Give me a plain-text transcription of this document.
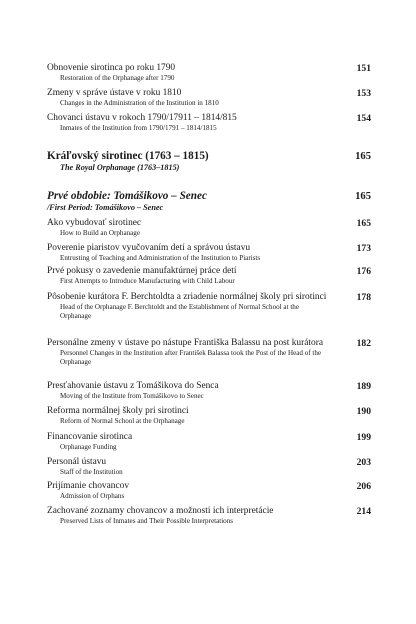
Obnovenie sirotinca po roku 1790
Restoration of the Orphanage after 1790
151
Zmeny v správe ústave v roku 1810
Changes in the Administration of the Institution in 1810
153
Chovanci ústavu v rokoch 1790/17911 – 1814/815
Inmates of the Institution from 1790/1791 – 1814/1815
154
Kráľovský sirotinec (1763 – 1815)
The Royal Orphanage (1763–1815)
165
Prvé obdobie: Tomášikovo – Senec
/First Period: Tomášikovo – Senec
165
Ako vybudovať sirotinec
How to Build an Orphanage
165
Poverenie piaristov vyučovaním detí a správou ústavu
Entrusting of Teaching and Administration of the Institution to Piarists
173
Prvé pokusy o zavedenie manufaktúrnej práce detí
First Attempts to Introduce Manufacturing with Child Labour
176
Pôsobenie kurátora F. Berchtoldta a zriadenie normálnej školy pri sirotinci
Head of the Orphanage F. Berchtoldt and the Establishment of Normal School at the Orphanage
178
Personálne zmeny v ústave po nástupe Františka Balassu na post kurátora
Personnel Changes in the Institution after František Balassa took the Post of the Head of the Orphanage
182
Presťahovanie ústavu z Tomášikova do Senca
Moving of the Institute from Tomášikovo to Senec
189
Reforma normálnej školy pri sirotinci
Reform of Normal School at the Orphanage
190
Financovanie sirotinca
Orphanage Funding
199
Personál ústavu
Staff of the Institution
203
Prijímanie chovancov
Admission of Orphans
206
Zachované zoznamy chovancov a možnosti ich interpretácie
Preserved Lists of Inmates and Their Possible Interpretations
214
